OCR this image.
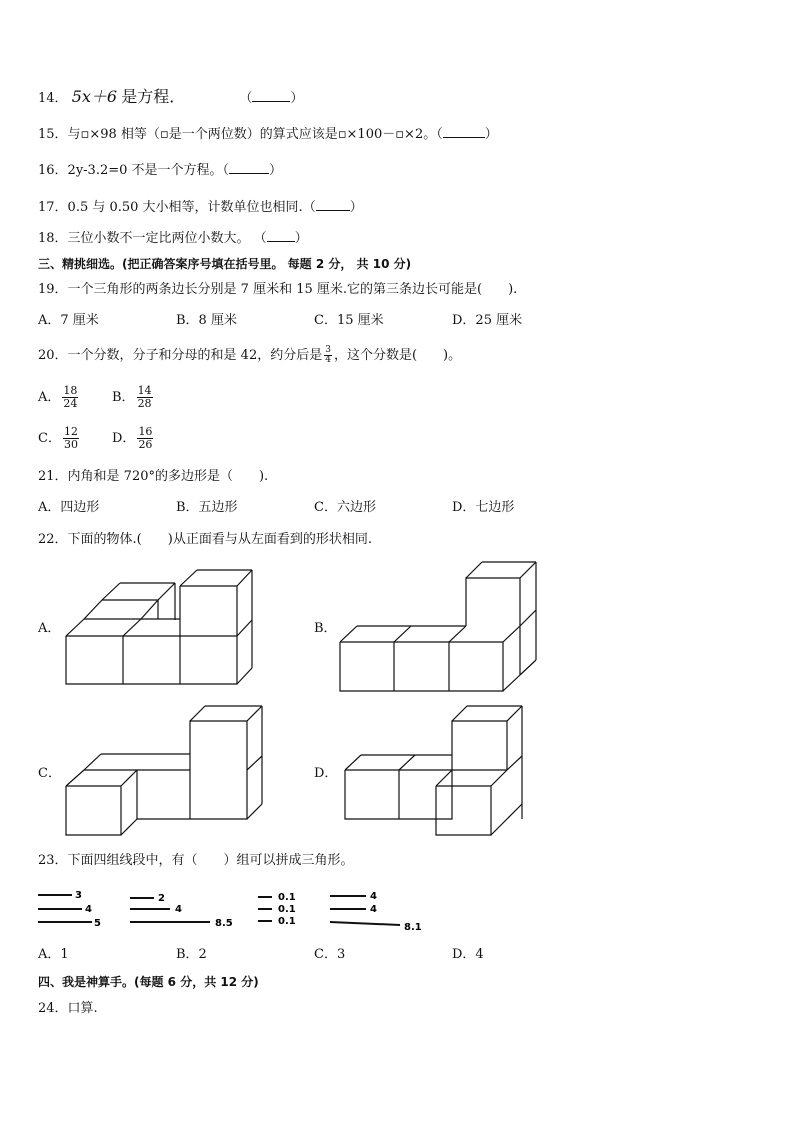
14． 5x＋6 是方程．	（	）
15．与▫×98 相等（▫是一个两位数）的算式应该是▫×100－▫×2。（	）
16．2y-3.2=0 不是一个方程。（	）
17．0.5 与 0.50 大小相等，计数单位也相同.（	）
18．三位小数不一定比两位小数大。 （ ）
三、精挑细选。(把正确答案序号填在括号里。 每题 2 分， 共 10 分)
19．一个三角形的两条边长分别是 7 厘米和 15 厘米.它的第三条边长可能是(　　).
A．7 厘米	B．8 厘米	C．15 厘米	D．25 厘米
20．一个分数，分子和分母的和是 42，约分后是 $\frac{3}{4}$ ，这个分数是(　　)。
A． $\frac{18}{24}$	B． $\frac{14}{28}$
C． $\frac{12}{30}$	D． $\frac{16}{26}$
21．内角和是 720°的多边形是（　　).
A．四边形	B．五边形	C．六边形	D．七边形
22．下面的物体.(　　)从正面看与从左面看到的形状相同.
A．	B．
C．	D．
23．下面四组线段中，有（　　）组可以拼成三角形。
3
4
5
2
4
8.5
0.1
0.1
0.1
4
4
8.1
A．1	B．2	C．3	D．4
四、我是神算手。(每题 6 分，共 12 分)
24．口算.
